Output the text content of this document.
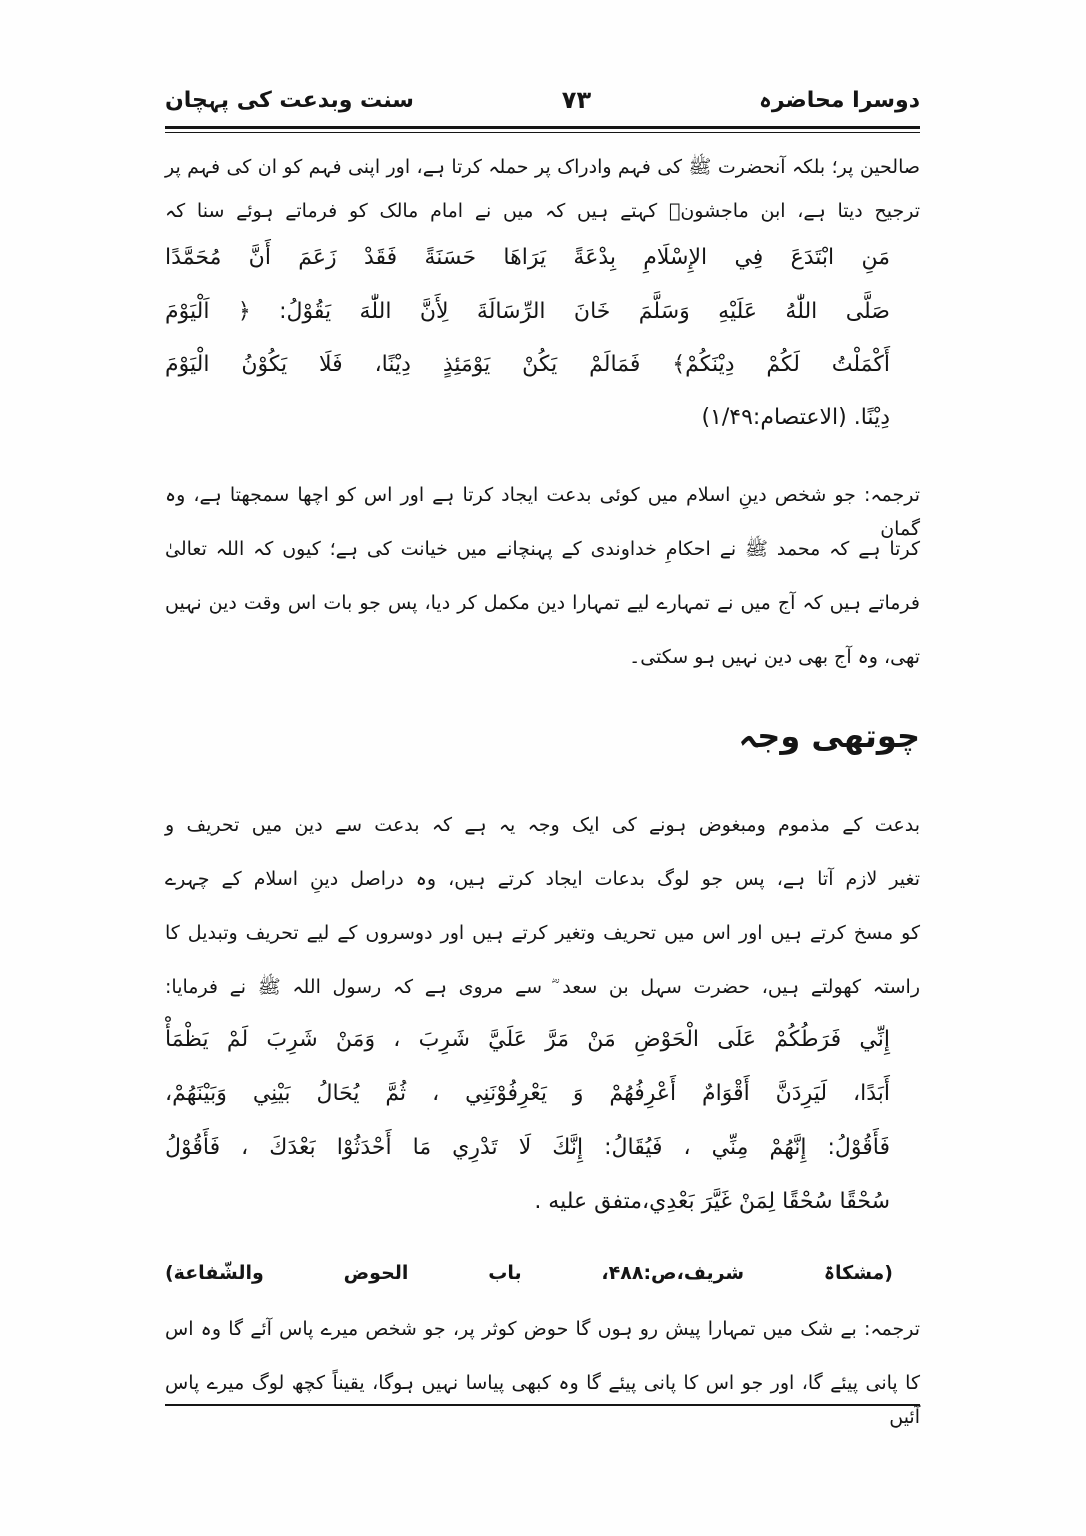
دوسرا محاضرہ
۷۳
سنت وبدعت کی پہچان
صالحین پر؛ بلکہ آنحضرت ﷺ کی فہم وادراک پر حملہ کرتا ہے، اور اپنی فہم کو ان کی فہم پر
ترجیح دیتا ہے، ابن ماجشونؒ کہتے ہیں کہ میں نے امام مالک کو فرماتے ہوئے سنا کہ
مَنِ ابْتَدَعَ فِي الإِسْلَامِ بِدْعَةً يَرَاهَا حَسَنَةً فَقَدْ زَعَمَ أَنَّ مُحَمَّدًا
صَلَّى اللّٰهُ عَلَيْهِ وَسَلَّمَ خَانَ الرِّسَالَةَ لِأَنَّ اللّٰهَ يَقُوْلُ: ﴿ اَلْيَوْمَ
أَكْمَلْتُ لَكُمْ دِيْنَكُمْ﴾ فَمَالَمْ يَكُنْ يَوْمَئِذٍ دِيْنًا، فَلَا يَكُوْنُ الْيَوْمَ
دِيْنًا. (الاعتصام:۱/۴۹)
ترجمہ: جو شخص دینِ اسلام میں کوئی بدعت ایجاد کرتا ہے اور اس کو اچھا سمجھتا ہے، وہ گمان
کرتا ہے کہ محمد ﷺ نے احکامِ خداوندی کے پہنچانے میں خیانت کی ہے؛ کیوں کہ اللہ تعالیٰ
فرماتے ہیں کہ آج میں نے تمہارے لیے تمہارا دین مکمل کر دیا، پس جو بات اس وقت دین نہیں
تھی، وہ آج بھی دین نہیں ہو سکتی۔
چوتھی وجہ
بدعت کے مذموم ومبغوض ہونے کی ایک وجہ یہ ہے کہ بدعت سے دین میں تحریف و
تغیر لازم آتا ہے، پس جو لوگ بدعات ایجاد کرتے ہیں، وہ دراصل دینِ اسلام کے چہرے
کو مسخ کرتے ہیں اور اس میں تحریف وتغیر کرتے ہیں اور دوسروں کے لیے تحریف وتبدیل کا
راستہ کھولتے ہیں، حضرت سہل بن سعد ؓ سے مروی ہے کہ رسول اللہ ﷺ نے فرمایا:
إِنِّي فَرَطُكُمْ عَلَى الْحَوْضِ مَنْ مَرَّ عَلَيَّ شَرِبَ ، وَمَنْ شَرِبَ لَمْ يَظْمَأْ
أَبَدًا، لَيَرِدَنَّ أَقْوَامٌ أَعْرِفُهُمْ وَ يَعْرِفُوْنَنِي ، ثُمَّ يُحَالُ بَيْنِي وَبَيْنَهُمْ،
فَأَقُوْلُ: إِنَّهُمْ مِنِّي ، فَيُقَالُ: إِنَّكَ لَا تَدْرِي مَا أَحْدَثُوْا بَعْدَكَ ، فَأَقُوْلُ
سُحْقًا سُحْقًا لِمَنْ غَيَّرَ بَعْدِي،متفق عليه .
(مشکاۃ شریف،ص:۴۸۸، باب الحوض والشّفاعة)
ترجمہ: بے شک میں تمہارا پیش رو ہوں گا حوض کوثر پر، جو شخص میرے پاس آئے گا وہ اس
کا پانی پیئے گا، اور جو اس کا پانی پیئے گا وہ کبھی پیاسا نہیں ہوگا، یقیناً کچھ لوگ میرے پاس آئیں
